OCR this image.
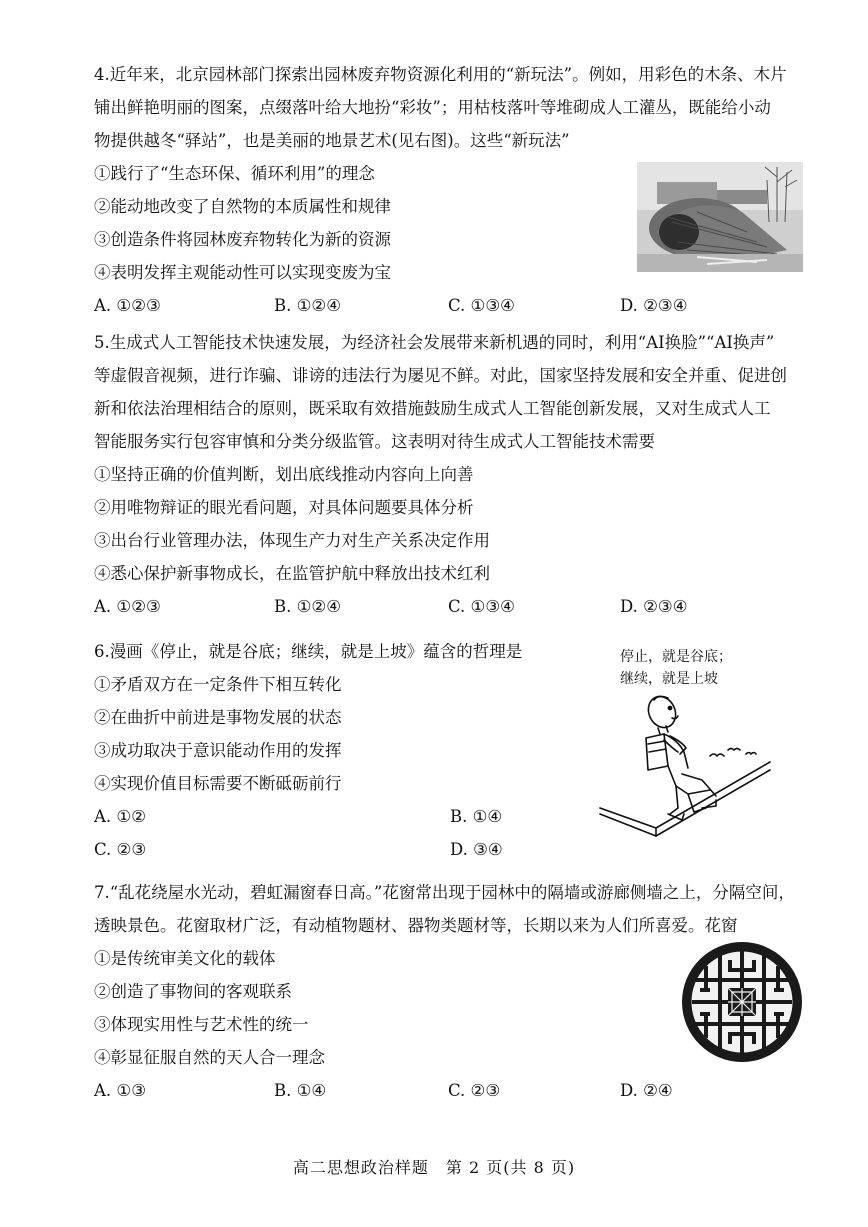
4.近年来，北京园林部门探索出园林废弃物资源化利用的“新玩法”。例如，用彩色的木条、木片
铺出鲜艳明丽的图案，点缀落叶给大地扮“彩妆”；用枯枝落叶等堆砌成人工灌丛，既能给小动
物提供越冬“驿站”，也是美丽的地景艺术(见右图)。这些“新玩法”
①践行了“生态环保、循环利用”的理念
②能动地改变了自然物的本质属性和规律
③创造条件将园林废弃物转化为新的资源
④表明发挥主观能动性可以实现变废为宝
A. ①②③	B. ①②④	C. ①③④	D. ②③④
5.生成式人工智能技术快速发展，为经济社会发展带来新机遇的同时，利用“AI换脸”“AI换声”
等虚假音视频，进行诈骗、诽谤的违法行为屡见不鲜。对此，国家坚持发展和安全并重、促进创
新和依法治理相结合的原则，既采取有效措施鼓励生成式人工智能创新发展，又对生成式人工
智能服务实行包容审慎和分类分级监管。这表明对待生成式人工智能技术需要
①坚持正确的价值判断，划出底线推动内容向上向善
②用唯物辩证的眼光看问题，对具体问题要具体分析
③出台行业管理办法，体现生产力对生产关系决定作用
④悉心保护新事物成长，在监管护航中释放出技术红利
A. ①②③	B. ①②④	C. ①③④	D. ②③④
6.漫画《停止，就是谷底；继续，就是上坡》蕴含的哲理是
①矛盾双方在一定条件下相互转化
②在曲折中前进是事物发展的状态
③成功取决于意识能动作用的发挥
④实现价值目标需要不断砥砺前行
A. ①②	B. ①④
C. ②③	D. ③④
停止，就是谷底；
继续，就是上坡
7.“乱花绕屋水光动，碧虹漏窗春日高。”花窗常出现于园林中的隔墙或游廊侧墙之上，分隔空间，
透映景色。花窗取材广泛，有动植物题材、器物类题材等，长期以来为人们所喜爱。花窗
①是传统审美文化的载体
②创造了事物间的客观联系
③体现实用性与艺术性的统一
④彰显征服自然的天人合一理念
A. ①③	B. ①④	C. ②③	D. ②④
高二思想政治样题　第 2 页(共 8 页)
